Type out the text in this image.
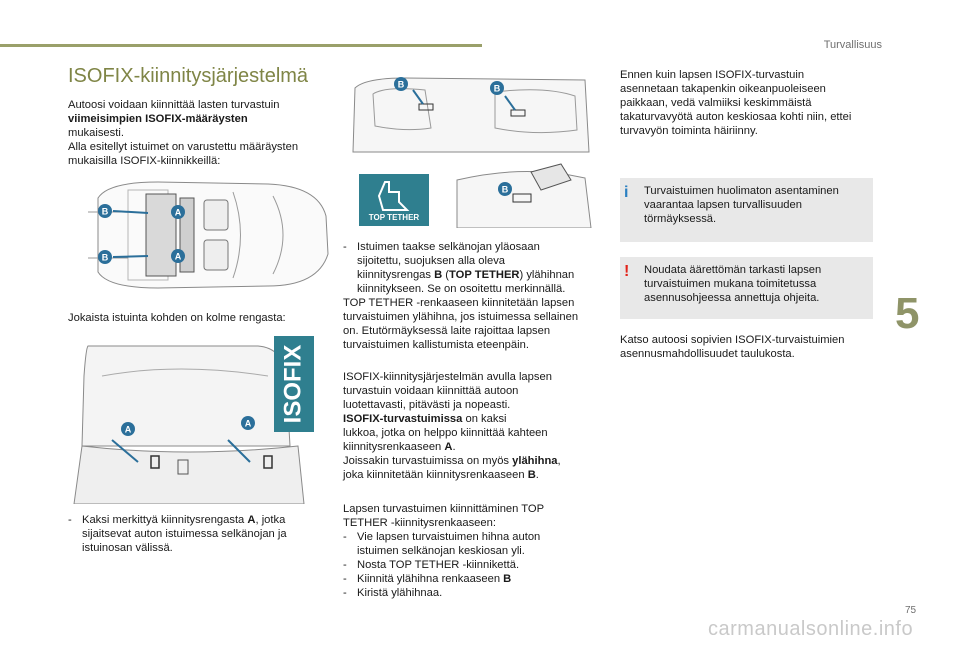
Turvallisuus
ISOFIX-kiinnitysjärjestelmä

Autoosi voidaan kiinnittää lasten turvastuin

viimeisimpien ISOFIX-määräysten

mukaisesti.

Alla esitellyt istuimet on varustettu määräysten

mukaisilla ISOFIX-kiinnikkeillä:

B	A
B	A
Jokaista istuinta kohden on kolme rengasta:
A
A
ISOFIX
- Kaksi merkittyä kiinnitysrengasta A, jotka
sijaitsevat auton istuimessa selkänojan ja
istuinosan välissä.
B	B
TOP TETHER
B
- Istuimen taakse selkänojan yläosaan
sijoitettu, suojuksen alla oleva
kiinnitysrengas B (TOP TETHER) ylähihnan
kiinnitykseen. Se on osoitettu merkinnällä.
TOP TETHER -renkaaseen kiinnitetään lapsen
turvaistuimen ylähihna, jos istuimessa sellainen
on. Etutörmäyksessä laite rajoittaa lapsen
turvaistuimen kallistumista eteenpäin.
ISOFIX-kiinnitysjärjestelmän avulla lapsen
turvastuin voidaan kiinnittää autoon
luotettavasti, pitävästi ja nopeasti.
ISOFIX-turvastuimissa on kaksi
lukkoa, jotka on helppo kiinnittää kahteen
kiinnitysrenkaaseen A.
Joissakin turvastuimissa on myös ylähihna,
joka kiinnitetään kiinnitysrenkaaseen B.
Lapsen turvastuimen kiinnittäminen TOP
TETHER -kiinnitysrenkaaseen:
- Vie lapsen turvaistuimen hihna auton
istuimen selkänojan keskiosan yli.
- Nosta TOP TETHER -kiinnikettä.
- Kiinnitä ylähihna renkaaseen B
- Kiristä ylähihnaa.
Ennen kuin lapsen ISOFIX-turvastuin
asennetaan takapenkin oikeanpuoleiseen
paikkaan, vedä valmiiksi keskimmäistä
takaturvavyötä auton keskiosaa kohti niin, ettei
turvavyön toiminta häiriinny.
i Turvaistuimen huolimaton asentaminen
vaarantaa lapsen turvallisuuden
törmäyksessä.
! Noudata äärettömän tarkasti lapsen
turvaistuimen mukana toimitetussa
asennusohjeessa annettuja ohjeita.
Katso autoosi sopivien ISOFIX-turvaistuimien
asennusmahdollisuudet taulukosta.
5
75
carmanualsonline.info
